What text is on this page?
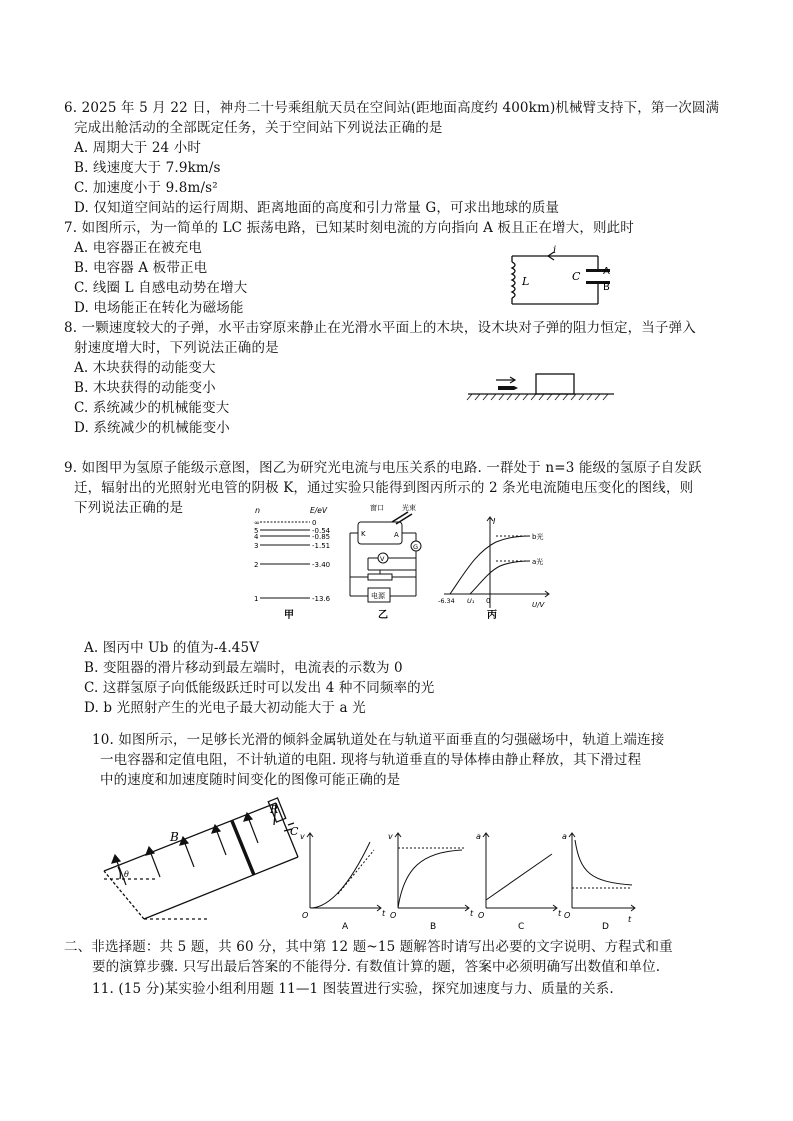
6. 2025 年 5 月 22 日，神舟二十号乘组航天员在空间站(距地面高度约 400km)机械臂支持下，第一次圆满
完成出舱活动的全部既定任务，关于空间站下列说法正确的是
A. 周期大于 24 小时
B. 线速度大于 7.9km/s
C. 加速度小于 9.8m/s²
D. 仅知道空间站的运行周期、距离地面的高度和引力常量 G，可求出地球的质量
7. 如图所示，为一简单的 LC 振荡电路，已知某时刻电流的方向指向 A 板且正在增大，则此时
A. 电容器正在被充电
B. 电容器 A 板带正电
C. 线圈 L 自感电动势在增大
D. 电场能正在转化为磁场能
i
L	C A
B
8. 一颗速度较大的子弹，水平击穿原来静止在光滑水平面上的木块，设木块对子弹的阻力恒定，当子弹入
射速度增大时，下列说法正确的是
A. 木块获得的动能变大
B. 木块获得的动能变小
C. 系统减少的机械能变大
D. 系统减少的机械能变小
9. 如图甲为氢原子能级示意图，图乙为研究光电流与电压关系的电路. 一群处于 n=3 能级的氢原子自发跃
迁，辐射出的光照射光电管的阴极 K，通过实验只能得到图丙所示的 2 条光电流随电压变化的图线，则
下列说法正确的是	n	E/eV
∞	0
5	-0.54
4	-0.85
3	-1.51
2	-3.40
1	-13.6
甲
窗口	光束
K	A
G
V
电源
乙
I
U/V
-6.34 U₁ 0
b光
a光
丙
A. 图丙中 Ub 的值为-4.45V
B. 变阻器的滑片移动到最左端时，电流表的示数为 0
C. 这群氢原子向低能级跃迁时可以发出 4 种不同频率的光
D. b 光照射产生的光电子最大初动能大于 a 光
10. 如图所示，一足够长光滑的倾斜金属轨道处在与轨道平面垂直的匀强磁场中，轨道上端连接
一电容器和定值电阻，不计轨道的电阻. 现将与轨道垂直的导体棒由静止释放，其下滑过程
中的速度和加速度随时间变化的图像可能正确的是
B
R
C
θ
v
t
O
A
v
t
O
B
a
t
O
C
a
t
O
D
二、非选择题：共 5 题，共 60 分，其中第 12 题~15 题解答时请写出必要的文字说明、方程式和重
要的演算步骤. 只写出最后答案的不能得分. 有数值计算的题，答案中必须明确写出数值和单位.
11. (15 分)某实验小组利用题 11—1 图装置进行实验，探究加速度与力、质量的关系.
